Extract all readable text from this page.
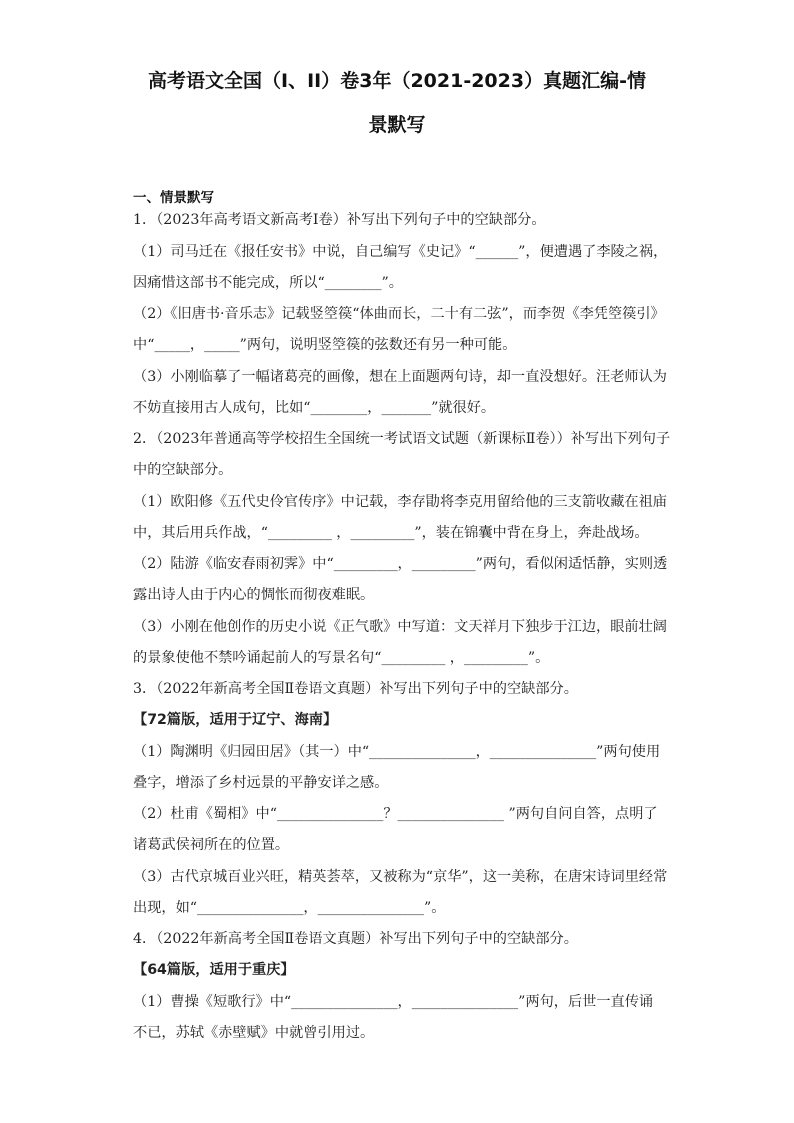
高考语文全国（I、II）卷3年（2021-2023）真题汇编-情
景默写
一、情景默写
1．（2023年高考语文新高考Ⅰ卷）补写出下列句子中的空缺部分。
（1）司马迁在《报任安书》中说，自己编写《史记》“______”，便遭遇了李陵之祸，
因痛惜这部书不能完成，所以“________”。
（2）《旧唐书·音乐志》记载竖箜篌“体曲而长，二十有二弦”，而李贺《李凭箜篌引》
中“_____，_____”两句，说明竖箜篌的弦数还有另一种可能。
（3）小刚临摹了一幅诸葛亮的画像，想在上面题两句诗，却一直没想好。汪老师认为
不妨直接用古人成句，比如“________，_______”就很好。
2．（2023年普通高等学校招生全国统一考试语文试题（新课标Ⅱ卷））补写出下列句子
中的空缺部分。
（1）欧阳修《五代史伶官传序》中记载，李存勖将李克用留给他的三支箭收藏在祖庙
中，其后用兵作战，“_________ ，_________”，装在锦囊中背在身上，奔赴战场。
（2）陆游《临安春雨初霁》中“_________，_________”两句，看似闲适恬静，实则透
露出诗人由于内心的惆怅而彻夜难眠。
（3）小刚在他创作的历史小说《正气歌》中写道：文天祥月下独步于江边，眼前壮阔
的景象使他不禁吟诵起前人的写景名句“_________ ，_________”。
3．（2022年新高考全国Ⅱ卷语文真题）补写出下列句子中的空缺部分。
【72篇版，适用于辽宁、海南】
（1）陶渊明《归园田居》（其一）中“_______________，_______________”两句使用
叠字，增添了乡村远景的平静安详之感。
（2）杜甫《蜀相》中“_______________？_______________ ”两句自问自答，点明了
诸葛武侯祠所在的位置。
（3）古代京城百业兴旺，精英荟萃，又被称为“京华”，这一美称，在唐宋诗词里经常
出现，如“_______________，_______________”。
4．（2022年新高考全国Ⅱ卷语文真题）补写出下列句子中的空缺部分。
【64篇版，适用于重庆】
（1）曹操《短歌行》中“_______________，_______________”两句，后世一直传诵
不已，苏轼《赤壁赋》中就曾引用过。
